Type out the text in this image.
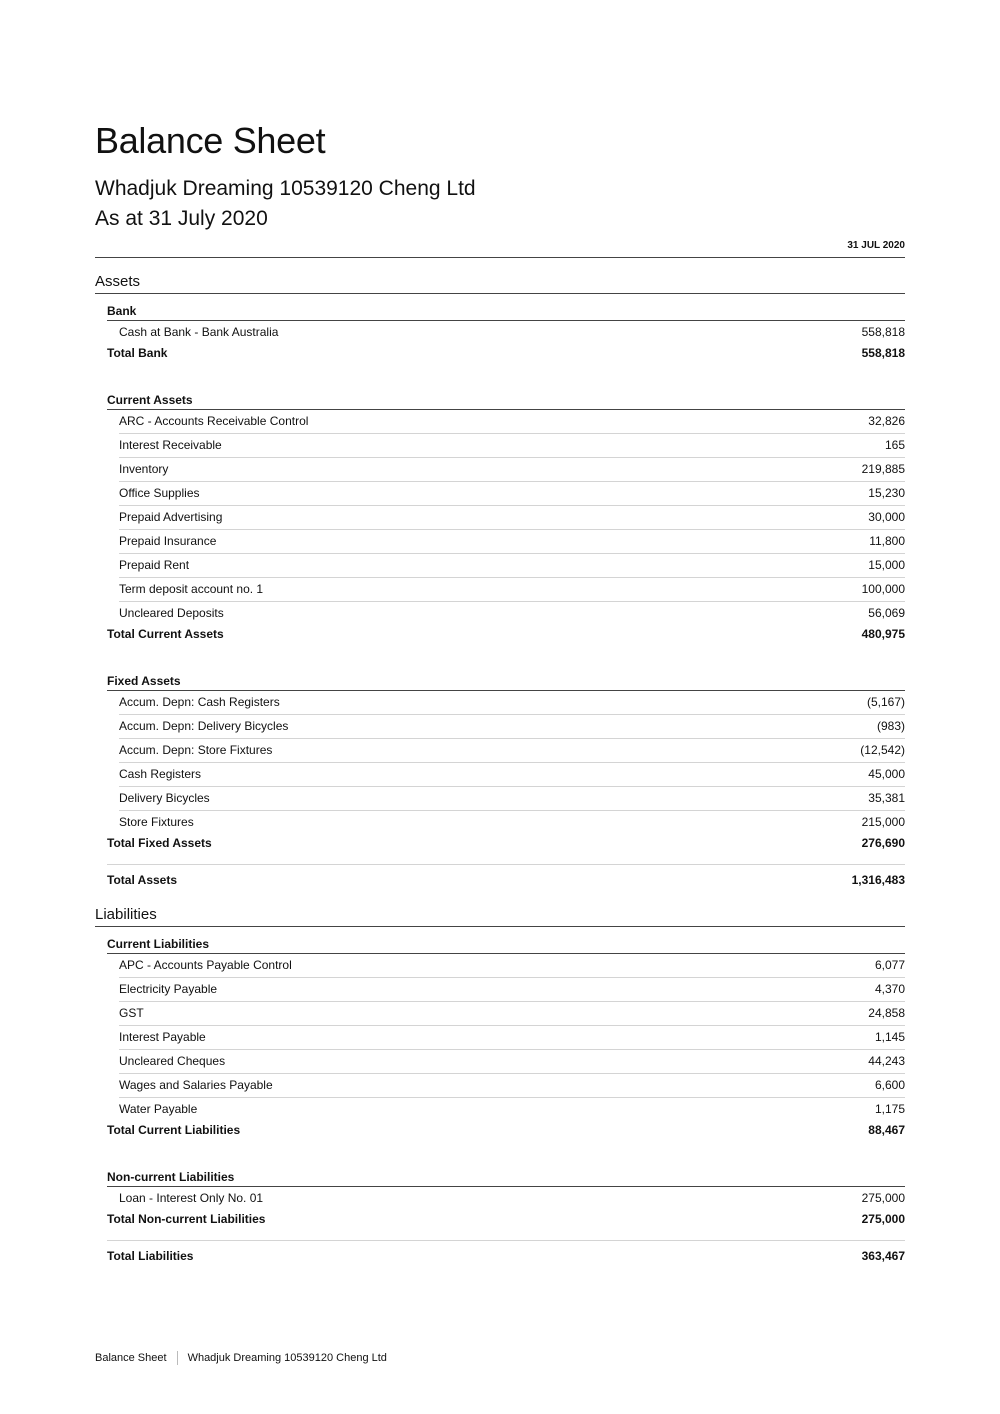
Balance Sheet
Whadjuk Dreaming 10539120 Cheng Ltd
As at 31 July 2020
31 JUL 2020
Assets
Bank
Cash at Bank - Bank Australia	558,818
Total Bank	558,818
Current Assets
ARC - Accounts Receivable Control	32,826
Interest Receivable	165
Inventory	219,885
Office Supplies	15,230
Prepaid Advertising	30,000
Prepaid Insurance	11,800
Prepaid Rent	15,000
Term deposit account no. 1	100,000
Uncleared Deposits	56,069
Total Current Assets	480,975
Fixed Assets
Accum. Depn: Cash Registers	(5,167)
Accum. Depn: Delivery Bicycles	(983)
Accum. Depn: Store Fixtures	(12,542)
Cash Registers	45,000
Delivery Bicycles	35,381
Store Fixtures	215,000
Total Fixed Assets	276,690
Total Assets	1,316,483
Liabilities
Current Liabilities
APC - Accounts Payable Control	6,077
Electricity Payable	4,370
GST	24,858
Interest Payable	1,145
Uncleared Cheques	44,243
Wages and Salaries Payable	6,600
Water Payable	1,175
Total Current Liabilities	88,467
Non-current Liabilities
Loan - Interest Only No. 01	275,000
Total Non-current Liabilities	275,000
Total Liabilities	363,467
Balance Sheet Whadjuk Dreaming 10539120 Cheng Ltd
